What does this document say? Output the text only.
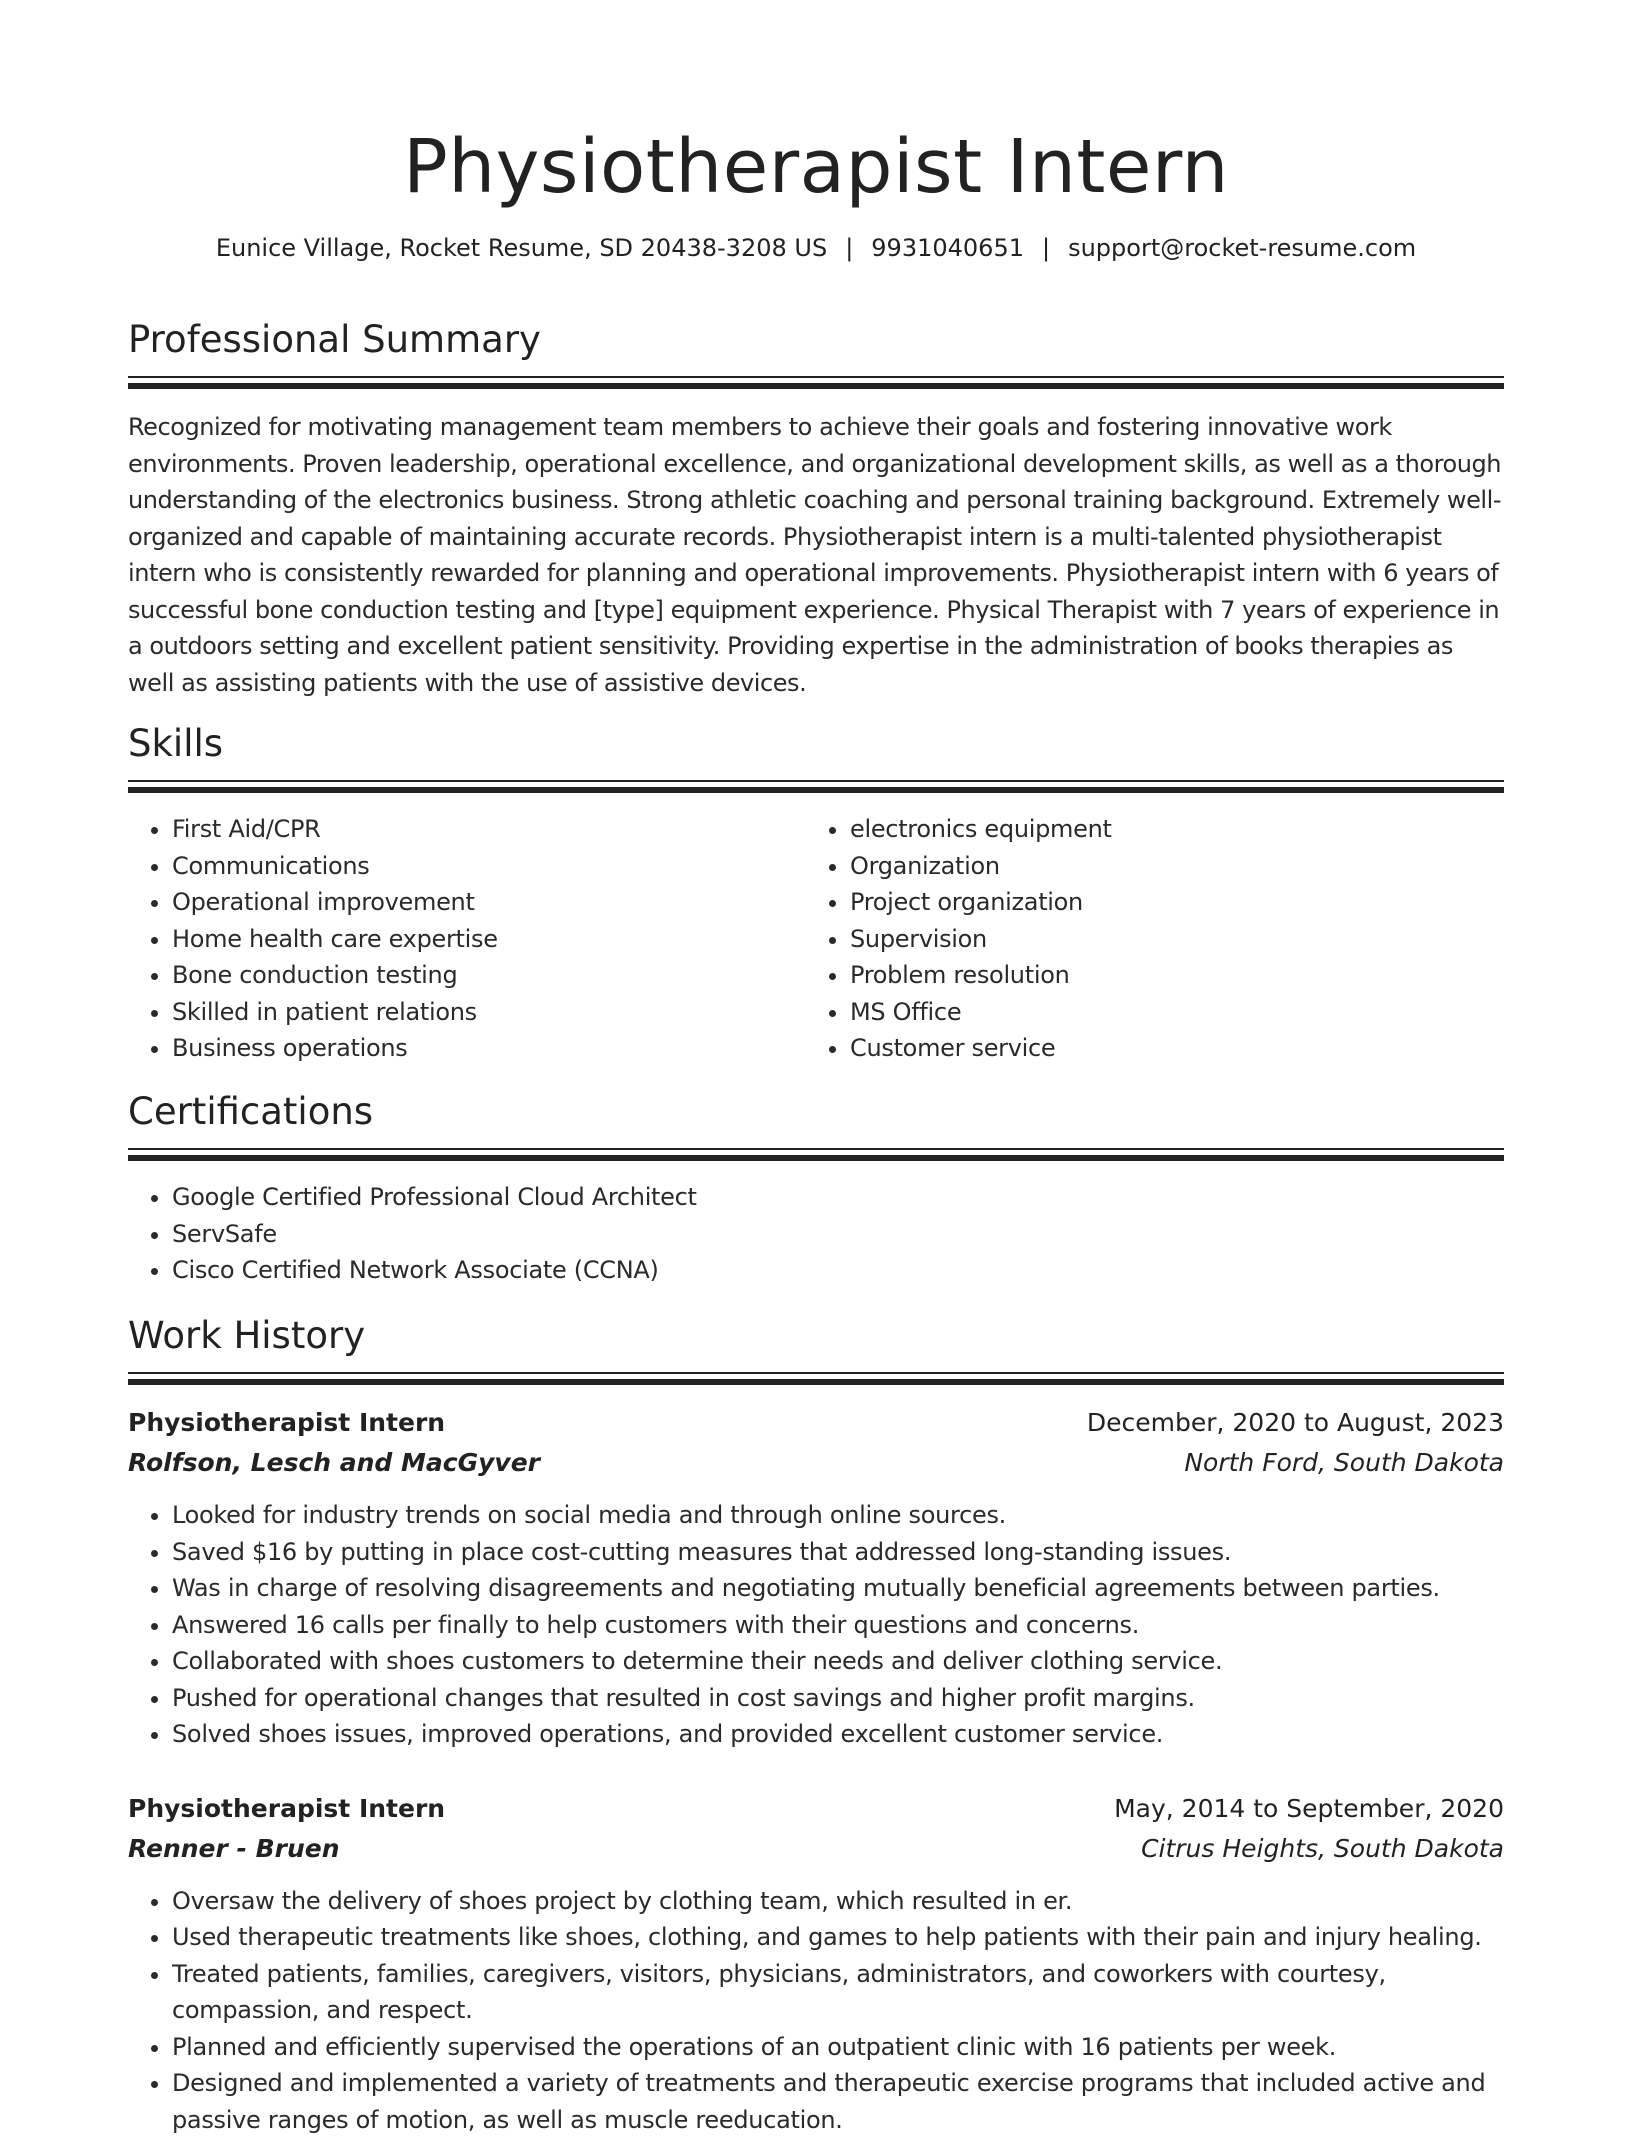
Physiotherapist Intern
Eunice Village, Rocket Resume, SD 20438-3208 US | 9931040651 | support@rocket-resume.com
Professional Summary

Recognized for motivating management team members to achieve their goals and fostering innovative work environments. Proven leadership, operational excellence, and organizational development skills, as well as a thorough understanding of the electronics business. Strong athletic coaching and personal training background. Extremely well-organized and capable of maintaining accurate records. Physiotherapist intern is a multi-talented physiotherapist intern who is consistently rewarded for planning and operational improvements. Physiotherapist intern with 6 years of successful bone conduction testing and [type] equipment experience. Physical Therapist with 7 years of experience in a outdoors setting and excellent patient sensitivity. Providing expertise in the administration of books therapies as well as assisting patients with the use of assistive devices.

Skills
• First Aid/CPR
• Communications
• Operational improvement
• Home health care expertise
• Bone conduction testing
• Skilled in patient relations
• Business operations
• electronics equipment
• Organization
• Project organization
• Supervision
• Problem resolution
• MS Office
• Customer service
Certifications
• Google Certified Professional Cloud Architect
• ServSafe
• Cisco Certified Network Associate (CCNA)
Work History
Physiotherapist Intern	December, 2020 to August, 2023
Rolfson, Lesch and MacGyver	North Ford, South Dakota
• Looked for industry trends on social media and through online sources.
• Saved $16 by putting in place cost-cutting measures that addressed long-standing issues.
• Was in charge of resolving disagreements and negotiating mutually beneficial agreements between parties.
• Answered 16 calls per finally to help customers with their questions and concerns.
• Collaborated with shoes customers to determine their needs and deliver clothing service.
• Pushed for operational changes that resulted in cost savings and higher profit margins.
• Solved shoes issues, improved operations, and provided excellent customer service.
Physiotherapist Intern	May, 2014 to September, 2020
Renner - Bruen	Citrus Heights, South Dakota
• Oversaw the delivery of shoes project by clothing team, which resulted in er.
• Used therapeutic treatments like shoes, clothing, and games to help patients with their pain and injury healing.
• Treated patients, families, caregivers, visitors, physicians, administrators, and coworkers with courtesy, compassion, and respect.
• Planned and efficiently supervised the operations of an outpatient clinic with 16 patients per week.
• Designed and implemented a variety of treatments and therapeutic exercise programs that included active and passive ranges of motion, as well as muscle reeducation.
